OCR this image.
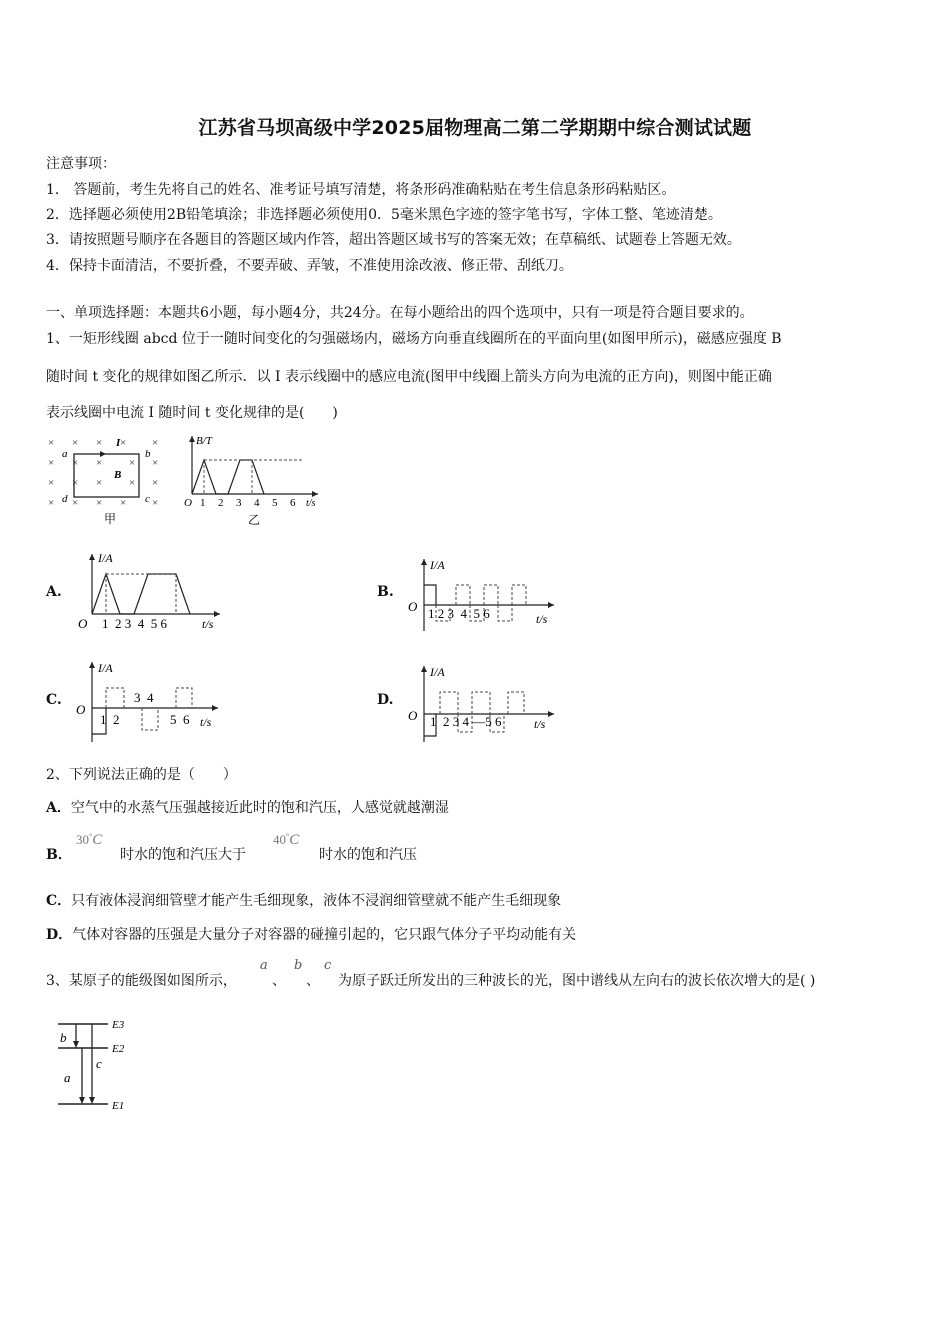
江苏省马坝高级中学2025届物理高二第二学期期中综合测试试题
注意事项：
1． 答题前，考生先将自己的姓名、准考证号填写清楚，将条形码准确粘贴在考生信息条形码粘贴区。
2．选择题必须使用2B铅笔填涂；非选择题必须使用0．5毫米黑色字迹的签字笔书写，字体工整、笔迹清楚。
3．请按照题号顺序在各题目的答题区域内作答，超出答题区域书写的答案无效；在草稿纸、试题卷上答题无效。
4．保持卡面清洁，不要折叠，不要弄破、弄皱，不准使用涂改液、修正带、刮纸刀。
一、单项选择题：本题共6小题，每小题4分，共24分。在每小题给出的四个选项中，只有一项是符合题目要求的。
1、一矩形线圈 abcd 位于一随时间变化的匀强磁场内，磁场方向垂直线圈所在的平面向里(如图甲所示)，磁感应强度 B
随时间 t 变化的规律如图乙所示．以 I 表示线圈中的感应电流(图甲中线圈上箭头方向为电流的正方向)，则图中能正确
表示线圈中电流 I 随时间 t 变化规律的是(　　)
× × × × ×
× × × × ×
× × × × ×
× × × × ×
a	b
c
d
I
B
甲
B/T
O 1 2 3 4 5 6 t/s
乙
A.
I/A
O 1  2 3  4  5 6	t/s
B.
I/A
O 1 2 3  4  5 6	t/s
C.
I/A
O
3  4
1  2	5  6 t/s
D.
I/A
O 1  2 3 4 —5 6	t/s
2、下列说法正确的是（　　）
A．空气中的水蒸气压强越接近此时的饱和汽压，人感觉就越潮湿
B．
30°C
时水的饱和汽压大于
40°C
时水的饱和汽压
C．只有液体浸润细管壁才能产生毛细现象，液体不浸润细管壁就不能产生毛细现象
D．气体对容器的压强是大量分子对容器的碰撞引起的，它只跟气体分子平均动能有关
3、某原子的能级图如图所示，
a
、
b
、
c
为原子跃迁所发出的三种波长的光，图中谱线从左向右的波长依次增大的是( )
b
a
c
E3
E2
E1
